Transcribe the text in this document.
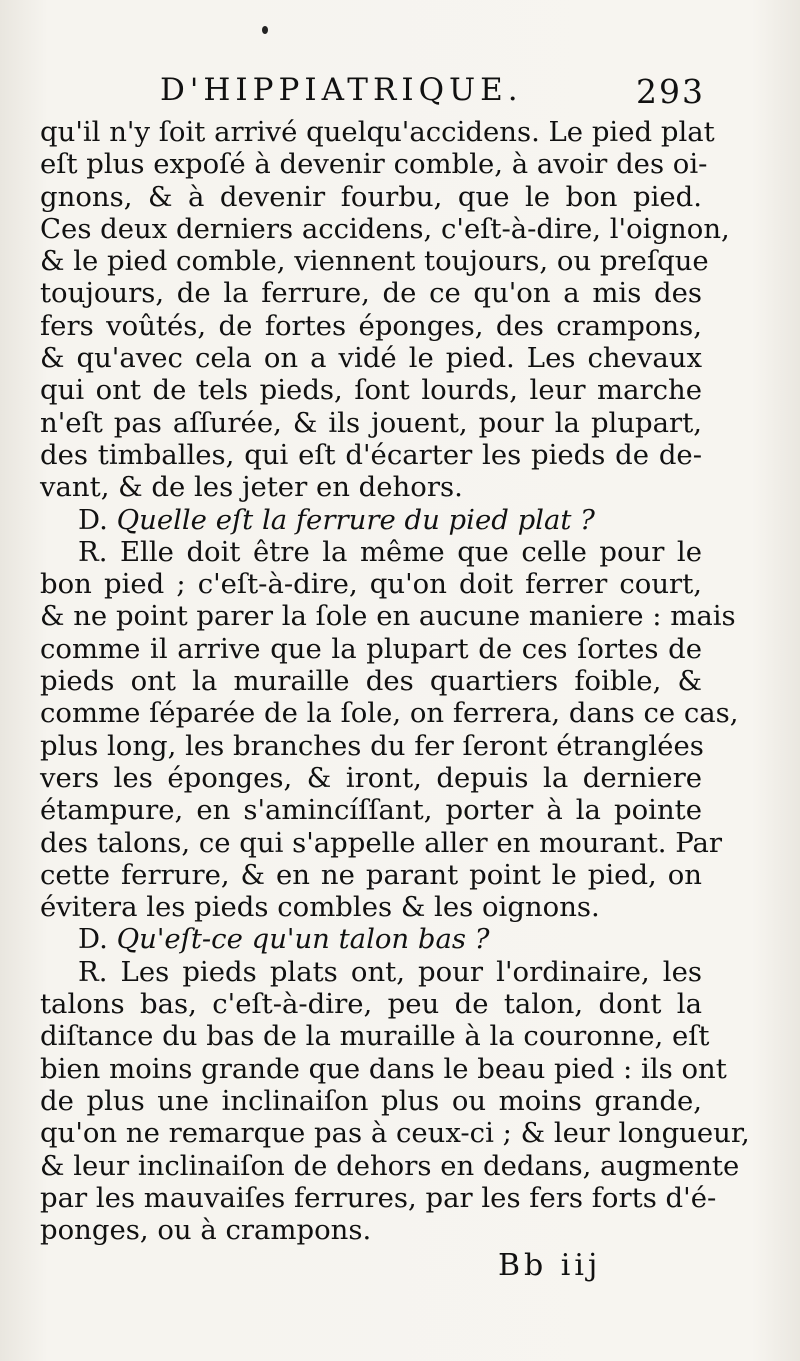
D'HIPPIATRIQUE.	293
qu'il n'y ſoit arrivé quelqu'accidens. Le pied plat
eſt plus expoſé à devenir comble, à avoir des oi-
gnons, & à devenir fourbu, que le bon pied.
Ces deux derniers accidens, c'eſt-à-dire, l'oignon,
& le pied comble, viennent toujours, ou preſque
toujours, de la ferrure, de ce qu'on a mis des
fers voûtés, de fortes éponges, des crampons,
& qu'avec cela on a vidé le pied. Les chevaux
qui ont de tels pieds, ſont lourds, leur marche
n'eſt pas aſſurée, & ils jouent, pour la plupart,
des timballes, qui eſt d'écarter les pieds de de-
vant, & de les jeter en dehors.
D. Quelle eſt la ferrure du pied plat ?
R. Elle doit être la même que celle pour le
bon pied ; c'eſt-à-dire, qu'on doit ferrer court,
& ne point parer la ſole en aucune maniere : mais
comme il arrive que la plupart de ces ſortes de
pieds ont la muraille des quartiers foible, &
comme ſéparée de la ſole, on ferrera, dans ce cas,
plus long, les branches du fer ſeront étranglées
vers les éponges, & iront, depuis la derniere
étampure, en s'amincíſſant, porter à la pointe
des talons, ce qui s'appelle aller en mourant. Par
cette ferrure, & en ne parant point le pied, on
évitera les pieds combles & les oignons.
D. Qu'eſt-ce qu'un talon bas ?
R. Les pieds plats ont, pour l'ordinaire, les
talons bas, c'eſt-à-dire, peu de talon, dont la
diſtance du bas de la muraille à la couronne, eſt
bien moins grande que dans le beau pied : ils ont
de plus une inclinaiſon plus ou moins grande,
qu'on ne remarque pas à ceux-ci ; & leur longueur,
& leur inclinaiſon de dehors en dedans, augmente
par les mauvaiſes ferrures, par les fers forts d'é-
ponges, ou à crampons.
Bb iij
